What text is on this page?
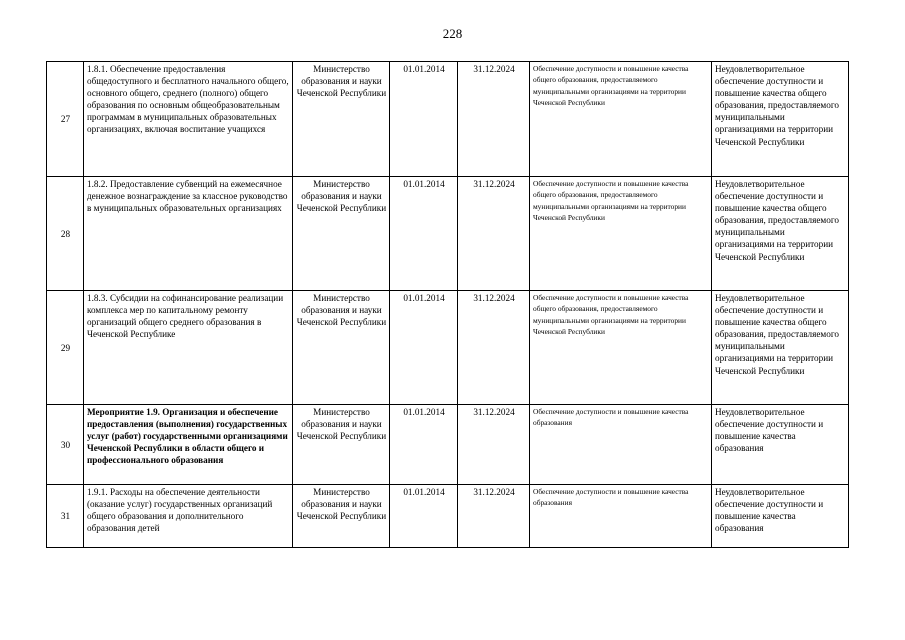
228
27	1.8.1. Обеспечение предоставления общедоступного и бесплатного начального общего, основного общего, среднего (полного) общего образования по основным общеобразовательным программам в муниципальных образовательных организациях, включая воспитание учащихся	Министерство образования и науки Чеченской Республики	01.01.2014	31.12.2024	Обеспечение доступности и повышение качества общего образования, предоставляемого муниципальными организациями на территории Чеченской Республики	Неудовлетворительное обеспечение доступности и повышение качества общего образования, предоставляемого муниципальными организациями на территории Чеченской Республики

28	1.8.2. Предоставление субвенций на ежемесячное денежное вознаграждение за классное руководство в муниципальных образовательных организациях	Министерство образования и науки Чеченской Республики	01.01.2014	31.12.2024	Обеспечение доступности и повышение качества общего образования, предоставляемого муниципальными организациями на территории Чеченской Республики	Неудовлетворительное обеспечение доступности и повышение качества общего образования, предоставляемого муниципальными организациями на территории Чеченской Республики

29	1.8.3. Субсидии на софинансирование реализации комплекса мер по капитальному ремонту организаций общего среднего образования в Чеченской Республике	Министерство образования и науки Чеченской Республики	01.01.2014	31.12.2024	Обеспечение доступности и повышение качества общего образования, предоставляемого муниципальными организациями на территории Чеченской Республики	Неудовлетворительное обеспечение доступности и повышение качества общего образования, предоставляемого муниципальными организациями на территории Чеченской Республики

30	Мероприятие 1.9. Организация и обеспечение предоставления (выполнения) государственных услуг (работ) государственными организациями Чеченской Республики в области общего и профессионального образования	Министерство образования и науки Чеченской Республики	01.01.2014	31.12.2024	Обеспечение доступности и повышение качества образования	Неудовлетворительное обеспечение доступности и повышение качества образования

31	1.9.1. Расходы на обеспечение деятельности (оказание услуг) государственных организаций общего образования и дополнительного образования детей	Министерство образования и науки Чеченской Республики	01.01.2014	31.12.2024	Обеспечение доступности и повышение качества образования	Неудовлетворительное обеспечение доступности и повышение качества образования
